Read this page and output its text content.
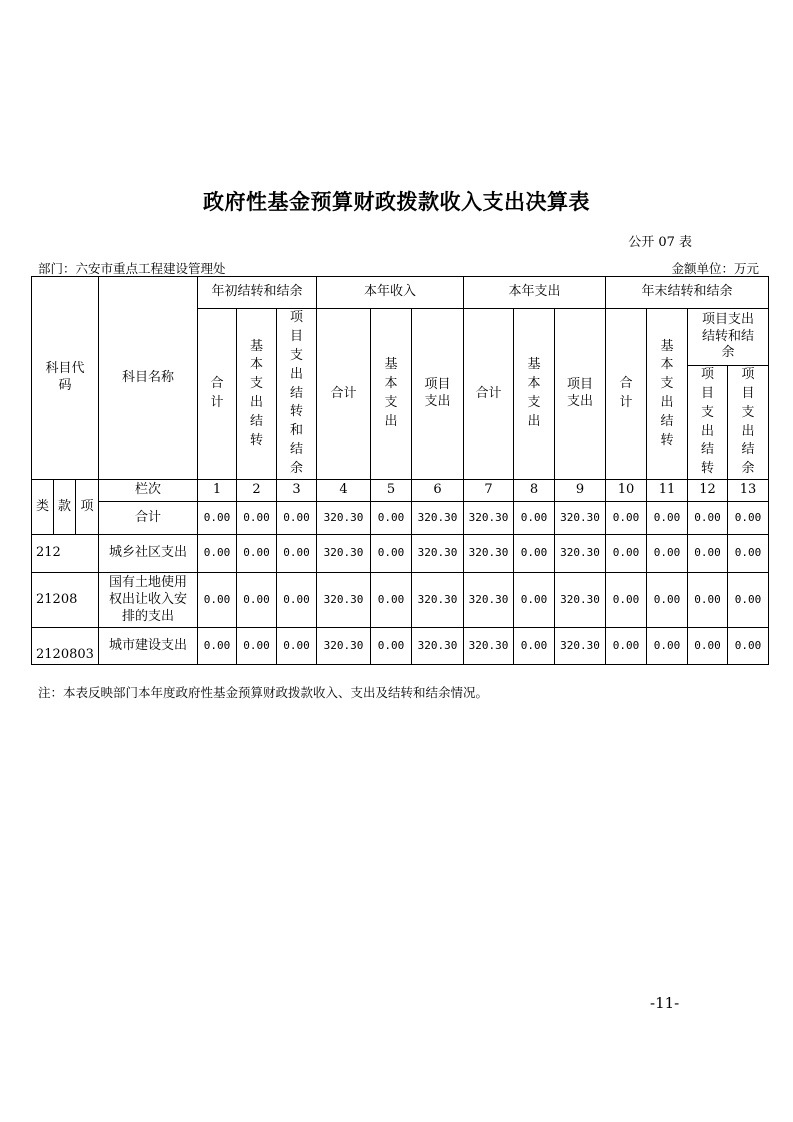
政府性基金预算财政拨款收入支出决算表
公开 07 表
部门：六安市重点工程建设管理处	金额单位：万元
科目代码			科目名称	年初结转和结余			本年收入			本年支出			年末结转和结余			
				合计	基本支出结转	项目支出结转和结余	合计	基本支出	项目支出	合计	基本支出	项目支出	合计	基本支出结转	项目支出结转和结余	
															项目支出结转	项目支出结余
类	款	项	栏次	1	2	3	4	5	6	7	8	9	10	11	12	13
			合计	0.00	0.00	0.00	320.30	0.00	320.30	320.30	0.00	320.30	0.00	0.00	0.00	0.00
212			城乡社区支出	0.00	0.00	0.00	320.30	0.00	320.30	320.30	0.00	320.30	0.00	0.00	0.00	0.00
21208			国有土地使用权出让收入安排的支出	0.00	0.00	0.00	320.30	0.00	320.30	320.30	0.00	320.30	0.00	0.00	0.00	0.00
2120803			城市建设支出	0.00	0.00	0.00	320.30	0.00	320.30	320.30	0.00	320.30	0.00	0.00	0.00	0.00
注：本表反映部门本年度政府性基金预算财政拨款收入、支出及结转和结余情况。
-11-
